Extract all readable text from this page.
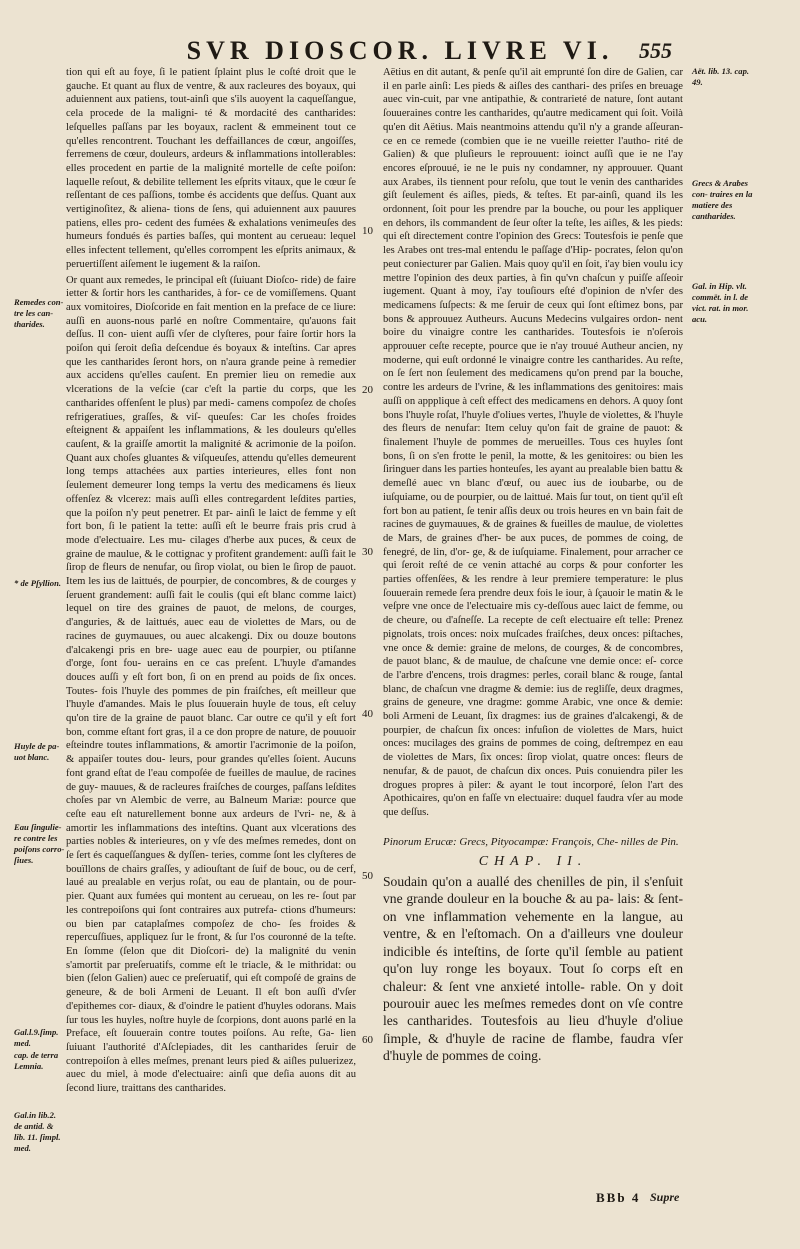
SVR DIOSCOR. LIVRE VI.	555

tion qui eſt au foye, ſi le patient ſplaint plus le coſté droit que le gauche. Et quant au flux de ventre, & aux racleures des boyaux, qui aduiennent aux patiens, tout-ainſi que s'ils auoyent la caqueſſangue, cela procede de la maligni- té & mordacité des cantharides: leſquelles paſſans par les boyaux, raclent & emmeinent tout ce qu'elles rencontrent. Touchant les deffaillances de cœur, angoiſſes, ferremens de cœur, douleurs, ardeurs & inflammations intollerables: elles procedent en partie de la malignité mortelle de ceſte poiſon: laquelle reſout, & debilite tellement les eſprits vitaux, que le cœur ſe reſſentant de ces paſſions, tombe és accidents que deſſus. Quant aux vertiginoſitez, & aliena- tions de ſens, qui aduiennent aux pauures patiens, elles pro- cedent des fumées & exhalations venimeuſes des humeurs fondués és parties baſſes, qui montent au cerueau: lequel elles infectent tellement, qu'elles corrompent les eſprits animaux, & peruertiſſent aiſement le iugement & la raiſon.

Or quant aux remedes, le principal eſt (ſuiuant Dioſco- ride) de faire ietter & ſortir hors les cantharides, à for- ce de vomiſſemens. Quant aux vomitoires, Dioſcoride en fait mention en la preface de ce liure: auſſi en auons-nous parlé en noſtre Commentaire, qu'auons fait deſſus. Il con- uient auſſi vſer de clyſteres, pour faire ſortir hors la poiſon qui ſeroit deſia deſcendue és boyaux & inteſtins. Car apres que les cantharides ſeront hors, on n'aura grande peine à remedier aux accidens qu'elles cauſent. En premier lieu on remedie aux vlcerations de la veſcie (car c'eſt la partie du corps, que les cantharides offenſent le plus) par medi- camens compoſez de choſes refrigeratiues, graſſes, & viſ- queuſes: Car les choſes froides eſteignent & appaiſent les inflammations, & les douleurs qu'elles cauſent, & la graiſſe amortit la malignité & acrimonie de la poiſon. Quant aux choſes gluantes & viſqueuſes, attendu qu'elles demeurent long temps attachées aux parties interieures, elles font non ſeulement demeurer long temps la vertu des medicamens és lieux offenſez & vlcerez: mais auſſi elles contregardent leſdites parties, que la poiſon n'y peut penetrer. Et par- ainſi le laict de femme y eſt fort bon, ſi le patient la tette: auſſi eſt le beurre frais pris crud à mode d'electuaire. Les mu- cilages d'herbe aux puces, & ceux de graine de maulue, & le cottignac y profitent grandement: auſſi fait le ſirop de fleurs de nenufar, ou ſirop violat, ou bien le ſirop de pauot. Item les ius de laittués, de pourpier, de concombres, & de courges y ſeruent grandement: auſſi fait le coulis (qui eſt blanc comme laict) lequel on tire des graines de pauot, de melons, de courges, d'anguries, & de laittués, auec eau de violettes de Mars, ou de racines de guymauues, ou auec alcakengi. Dix ou douze boutons d'alcakengi pris en bre- uage auec eau de pourpier, ou ptiſanne d'orge, ſont fou- uerains en ce cas preſent. L'huyle d'amandes douces auſſi y eſt fort bon, ſi on en prend au poids de ſix onces. Toutes- fois l'huyle des pommes de pin fraiſches, eſt meilleur que l'huyle d'amandes. Mais le plus ſouuerain huyle de tous, eſt celuy qu'on tire de la graine de pauot blanc. Car outre ce qu'il y eſt fort bon, comme eſtant fort gras, il a ce don propre de nature, de pouuoir eſteindre toutes inflammations, & amortir l'acrimonie de la poiſon, & appaiſer toutes dou- leurs, pour grandes qu'elles ſoient. Aucuns font grand eſtat de l'eau compoſée de fueilles de maulue, de racines de guy- mauues, & de racleures fraiſches de courges, paſſans leſdites choſes par vn Alembic de verre, au Balneum Mariæ: pource que ceſte eau eſt naturellement bonne aux ardeurs de l'vri- ne, & à amortir les inflammations des inteſtins. Quant aux vlcerations des parties nobles & interieures, on y vſe des meſmes remedes, dont on ſe ſert és caqueſſangues & dyſſen- teries, comme ſont les clyſteres de bouïllons de chairs graſſes, y adiouſtant de ſuif de bouc, ou de cerf, laué au prealable en verjus roſat, ou eau de plantain, ou de pour- pier. Quant aux fumées qui montent au cerueau, on les re- ſout par les contrepoiſons qui ſont contraires aux putrefa- ctions d'humeurs: ou bien par cataplaſmes compoſez de cho- ſes froides & repercuſſiues, appliquez ſur le front, & ſur l'os couronné de la teſte. En ſomme (ſelon que dit Dioſcori- de) la malignité du venin s'amortit par preſeruatifs, comme eſt le triacle, & le mithridat: ou bien (ſelon Galien) auec ce preſeruatif, qui eſt compoſé de grains de geneure, & de boli Armeni de Leuant. Il eſt bon auſſi d'vſer d'epithemes cor- diaux, & d'oindre le patient d'huyles odorans. Mais ſur tous les huyles, noſtre huyle de ſcorpions, dont auons parlé en la Preface, eſt ſouuerain contre toutes poiſons. Au reſte, Ga- lien ſuiuant l'authorité d'Aſclepiades, dit les cantharides ſeruir de contrepoiſon à elles meſmes, prenant leurs pied & aiſles puluerizez, auec du miel, à mode d'electuaire: ainſi que deſia auons dit au ſecond liure, traittans des cantharides.

Aëtius en dit autant, & penſe qu'il ait emprunté ſon dire de Galien, car il en parle ainſi: Les pieds & aiſles des canthari- des priſes en breuage auec vin-cuit, par vne antipathie, & contrarieté de nature, ſont autant ſouueraines contre les cantharides, qu'autre medicament qui ſoit. Voilà qu'en dit Aëtius. Mais neantmoins attendu qu'il n'y a grande aſſeuran- ce en ce remede (combien que ie ne vueille reietter l'autho- rité de Galien) & que pluſieurs le reprouuent: ioinct auſſi que ie ne l'ay encores eſprouué, ie ne le puis ny condamner, ny approuuer. Quant aux Arabes, ils tiennent pour reſolu, que tout le venin des cantharides giſt ſeulement és aiſles, pieds, & teſtes. Et par-ainſi, quand ils les ordonnent, ſoit pour les prendre par la bouche, ou pour les appliquer en dehors, ils commandent de ſeur oſter la teſte, les aiſles, & les pieds: qui eſt directement contre l'opinion des Grecs: Toutesfois ie penſe que les Arabes ont tres-mal entendu le paſſage d'Hip- pocrates, ſelon qu'on peut coniecturer par Galien. Mais quoy qu'il en ſoit, i'ay bien voulu icy mettre l'opinion des deux parties, à fin qu'vn chaſcun y puiſſe aſſeoir iugement. Quant à moy, i'ay touſiours eſté d'opinion de n'vſer des medicamens ſuſpects: & me ſeruir de ceux qui ſont eſtimez bons, par bons & approuuez Autheurs. Aucuns Medecins vulgaires ordon- nent boire du vinaigre contre les cantharides. Toutesfois ie n'oſerois approuuer ceſte recepte, pource que ie n'ay trouué Autheur ancien, ny moderne, qui euſt ordonné le vinaigre contre les cantharides. Au reſte, on ſe ſert non ſeulement des medicamens qu'on prend par la bouche, contre les ardeurs de l'vrine, & les inflammations des genitoires: mais auſſi on appplique à ceſt effect des medicamens en dehors. A quoy ſont bons l'huyle roſat, l'huyle d'oliues vertes, l'huyle de violettes, & l'huyle des fleurs de nenufar: Item celuy qu'on fait de graine de pauot: & finalement l'huyle de pommes de merueilles. Tous ces huyles ſont bons, ſi on s'en frotte le penil, la motte, & les genitoires: ou bien les ſiringuer dans les parties honteuſes, les ayant au prealable bien battu & demeſlé auec vn blanc d'œuf, ou auec ius de ioubarbe, ou de iuſquiame, ou de pourpier, ou de laittué. Mais ſur tout, on tient qu'il eſt fort bon au patient, ſe tenir aſſis deux ou trois heures en vn bain fait de racines de guymauues, & de graines & fueilles de maulue, de violettes de Mars, de graines d'her- be aux puces, de pommes de coing, de fenegré, de lin, d'or- ge, & de iuſquiame. Finalement, pour arracher ce qui ſeroit reſté de ce venin attaché au corps & pour conforter les parties offenſées, & les rendre à leur premiere temperature: le plus ſouuerain remede ſera prendre deux fois le iour, à ſçauoir le matin & le veſpre vne once de l'electuaire mis cy-deſſous auec laict de femme, ou de cheure, ou d'aſneſſe. La recepte de ceſt electuaire eſt telle: Prenez pignolats, trois onces: noix muſcades fraiſches, deux onces: piſtaches, vne once & demie: graine de melons, de courges, & de concombres, de pauot blanc, & de maulue, de chaſcune vne demie once: eſ- corce de l'arbre d'encens, trois dragmes: perles, corail blanc & rouge, ſantal blanc, de chaſcun vne dragme & demie: ius de regliſſe, deux dragmes, grains de geneure, vne dragme: gomme Arabic, vne once & demie: boli Armeni de Leuant, ſix dragmes: ius de graines d'alcakengi, & de pourpier, de chaſcun ſix onces: infuſion de violettes de Mars, huict onces: mucilages des grains de pommes de coing, deſtrempez en eau de violettes de Mars, ſix onces: ſirop violat, quatre onces: fleurs de nenufar, & de pauot, de chaſcun dix onces. Puis conuiendra piler les drogues propres à piler: & ayant le tout incorporé, ſelon l'art des Apothicaires, qu'on en faſſe vn electuaire: duquel faudra vſer au mode que deſſus.

Pinorum Erucæ: Grecs, Pityocampæ: François, Che- nilles de Pin.
CHAP. II.

Soudain qu'on a auallé des chenilles de pin, il s'enſuit vne grande douleur en la bouche & au pa- lais: & ſent-on vne inflammation vehemente en la langue, au ventre, & en l'eſtomach. On a d'ailleurs vne douleur indicible és inteſtins, de ſorte qu'il ſemble au patient qu'on luy ronge les boyaux. Tout ſo corps eſt en chaleur: & ſent vne anxieté intolle- rable. On y doit pourouir auec les meſmes remedes dont on vſe contre les cantharides. Toutesfois au lieu d'huyle d'oliue ſimple, & d'huyle de racine de flambe, faudra vſer d'huyle de pommes de coing.

10
20
30
40
50
60
Remedes con- tre les can- tharides.
* de Pſyllion.
Huyle de pa- uot blanc.
Eau ſingulie- re contre les poiſons corro- ſiues.
Gal.l.9.ſimp. med.
cap. de terra Lemnia.
Gal.in lib.2. de antid. & lib. 11. ſimpl. med.
Aët. lib. 13. cap. 49.
Grecs & Arabes con- traires en la matiere des cantharides.
Gal. in Hip. vlt. commët. in l. de vict. rat. in mor. acu.
BBb 4 Supre
